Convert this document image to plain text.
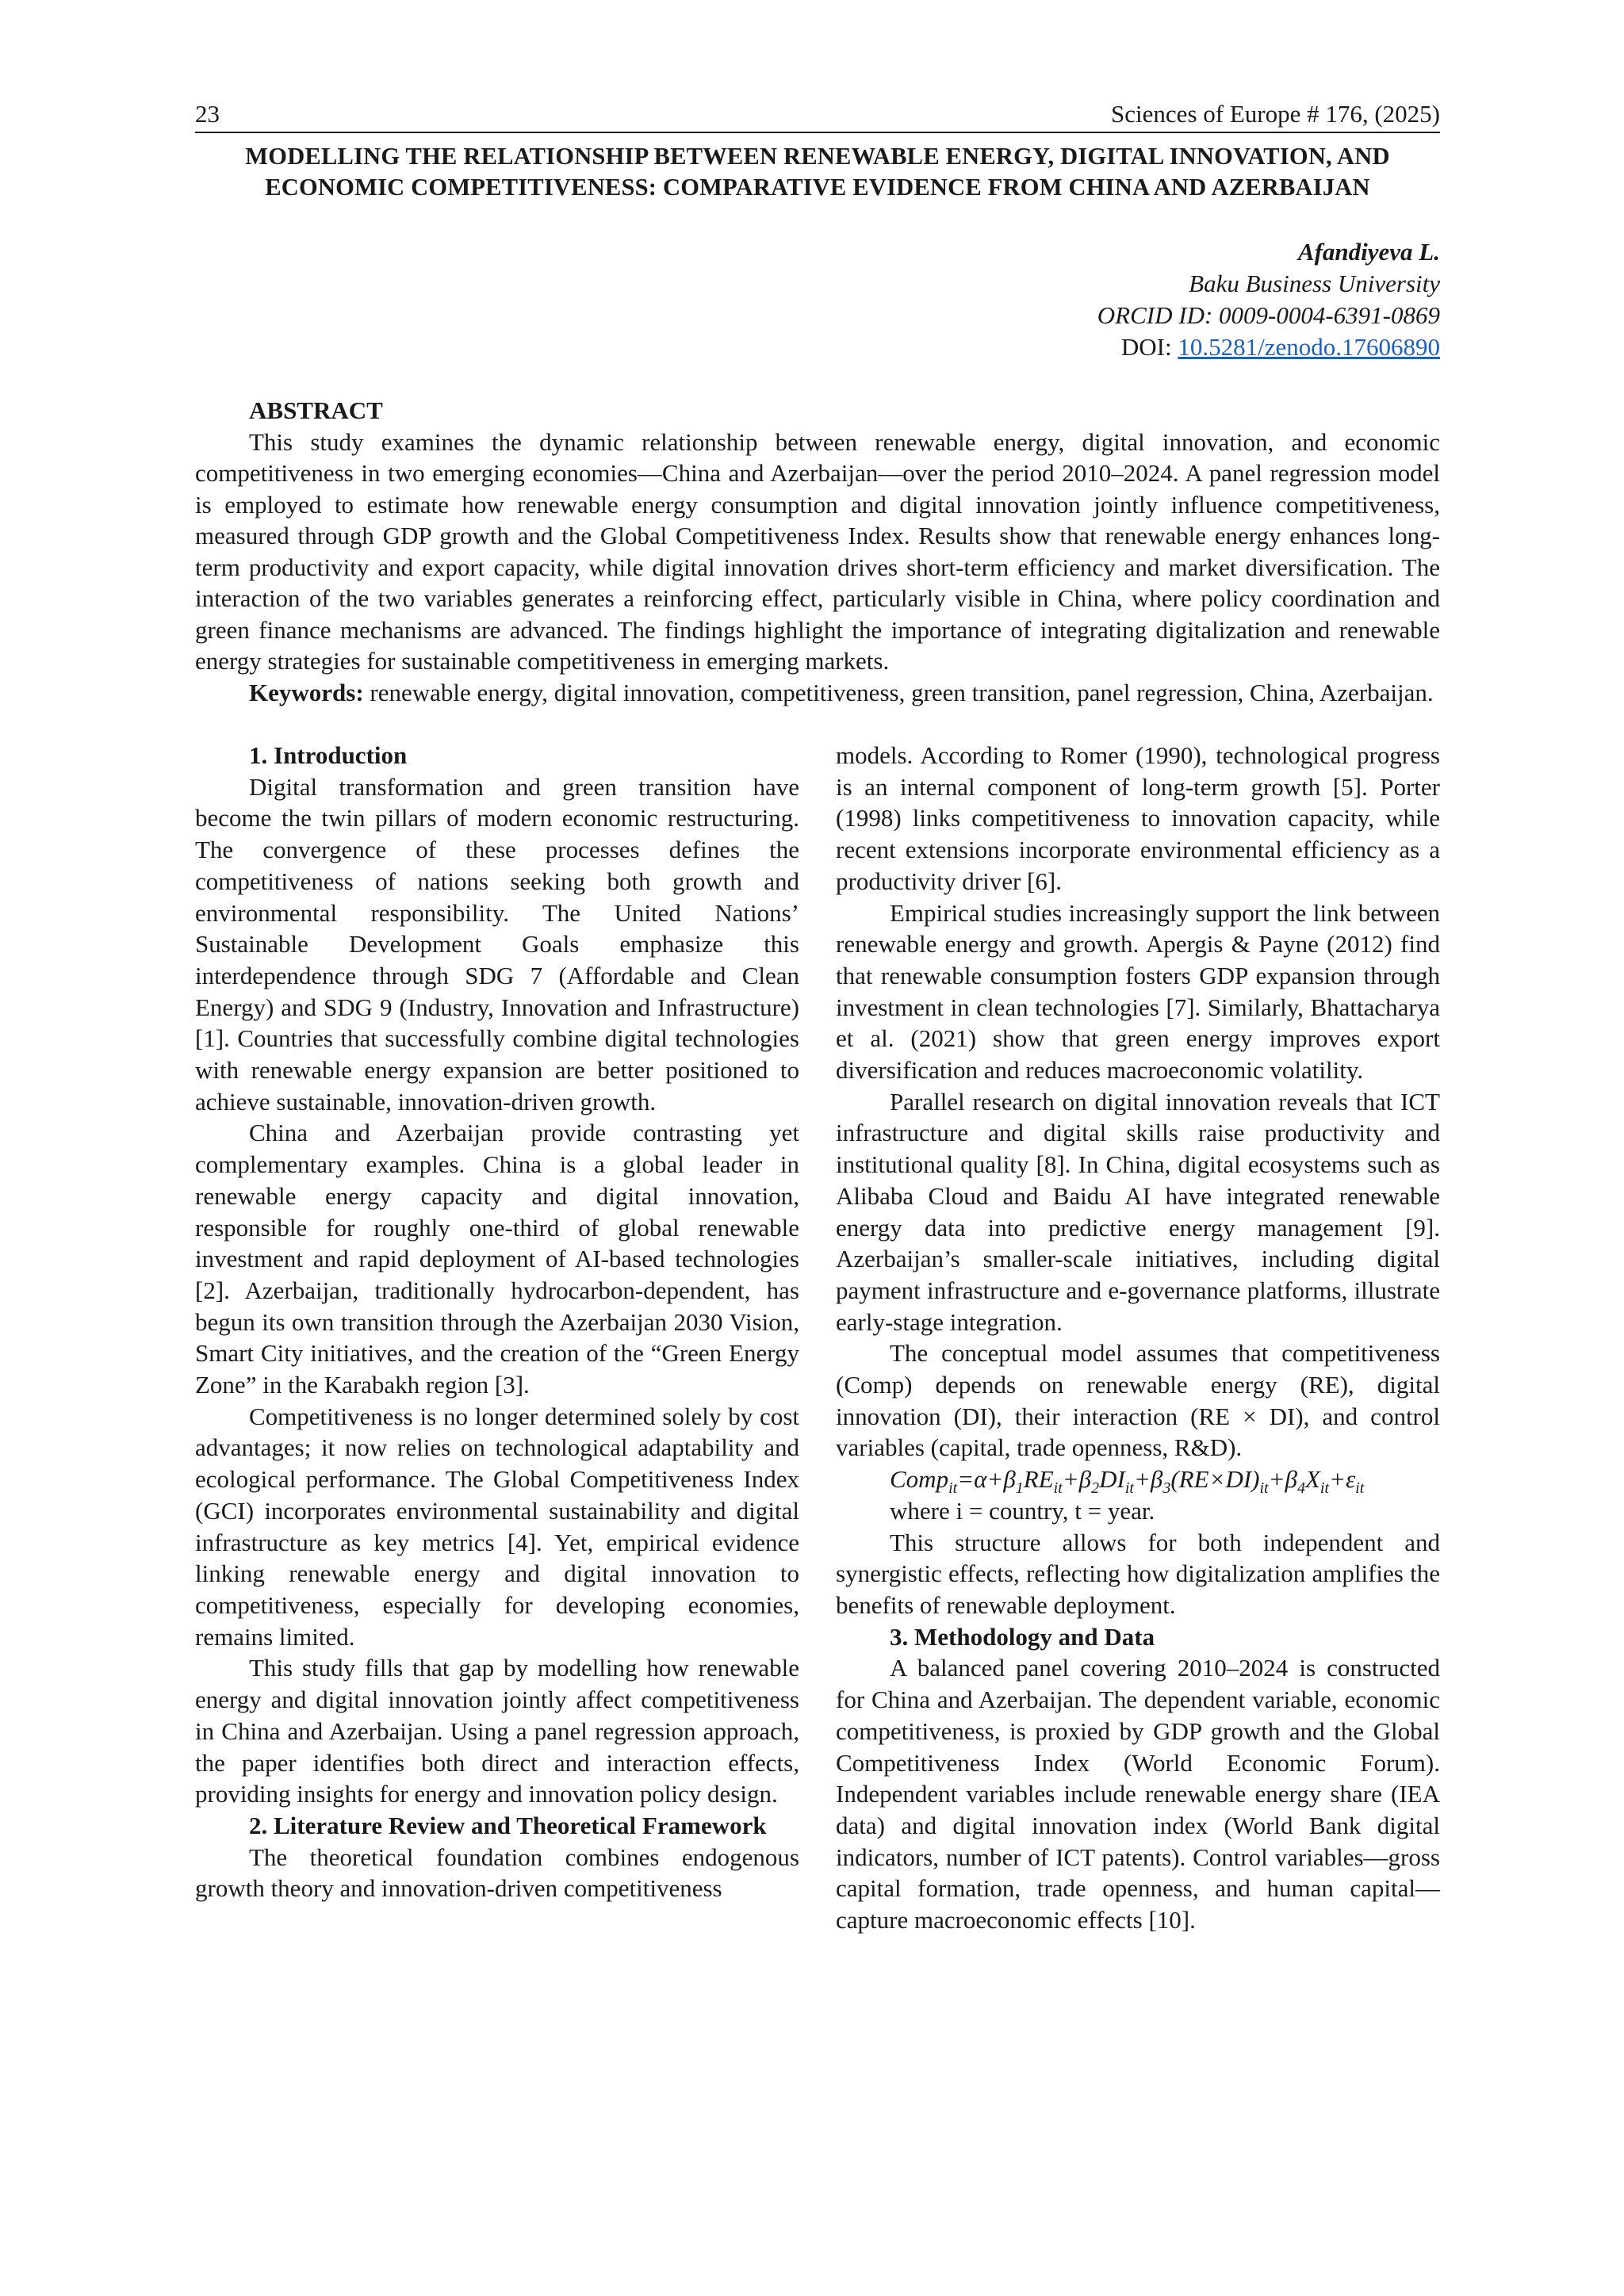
23	Sciences of Europe # 176, (2025)
MODELLING THE RELATIONSHIP BETWEEN RENEWABLE ENERGY, DIGITAL INNOVATION, AND ECONOMIC COMPETITIVENESS: COMPARATIVE EVIDENCE FROM CHINA AND AZERBAIJAN
Afandiyeva L.
Baku Business University
ORCID ID: 0009-0004-6391-0869
DOI: 10.5281/zenodo.17606890
ABSTRACT

This study examines the dynamic relationship between renewable energy, digital innovation, and economic competitiveness in two emerging economies—China and Azerbaijan—over the period 2010–2024. A panel regression model is employed to estimate how renewable energy consumption and digital innovation jointly influence competitiveness, measured through GDP growth and the Global Competitiveness Index. Results show that renewable energy enhances long-term productivity and export capacity, while digital innovation drives short-term efficiency and market diversification. The interaction of the two variables generates a reinforcing effect, particularly visible in China, where policy coordination and green finance mechanisms are advanced. The findings highlight the importance of integrating digitalization and renewable energy strategies for sustainable competitiveness in emerging markets.

Keywords: renewable energy, digital innovation, competitiveness, green transition, panel regression, China, Azerbaijan.

1. Introduction

Digital transformation and green transition have become the twin pillars of modern economic restructuring. The convergence of these processes defines the competitiveness of nations seeking both growth and environmental responsibility. The United Nations’ Sustainable Development Goals emphasize this interdependence through SDG 7 (Affordable and Clean Energy) and SDG 9 (Industry, Innovation and Infrastructure) [1]. Countries that successfully combine digital technologies with renewable energy expansion are better positioned to achieve sustainable, innovation-driven growth.

China and Azerbaijan provide contrasting yet complementary examples. China is a global leader in renewable energy capacity and digital innovation, responsible for roughly one-third of global renewable investment and rapid deployment of AI-based technologies [2]. Azerbaijan, traditionally hydrocarbon-dependent, has begun its own transition through the Azerbaijan 2030 Vision, Smart City initiatives, and the creation of the “Green Energy Zone” in the Karabakh region [3].

Competitiveness is no longer determined solely by cost advantages; it now relies on technological adaptability and ecological performance. The Global Competitiveness Index (GCI) incorporates environmental sustainability and digital infrastructure as key metrics [4]. Yet, empirical evidence linking renewable energy and digital innovation to competitiveness, especially for developing economies, remains limited.

This study fills that gap by modelling how renewable energy and digital innovation jointly affect competitiveness in China and Azerbaijan. Using a panel regression approach, the paper identifies both direct and interaction effects, providing insights for energy and innovation policy design.

2. Literature Review and Theoretical Framework

The theoretical foundation combines endogenous growth theory and innovation-driven competitiveness

models. According to Romer (1990), technological progress is an internal component of long-term growth [5]. Porter (1998) links competitiveness to innovation capacity, while recent extensions incorporate environmental efficiency as a productivity driver [6].

Empirical studies increasingly support the link between renewable energy and growth. Apergis & Payne (2012) find that renewable consumption fosters GDP expansion through investment in clean technologies [7]. Similarly, Bhattacharya et al. (2021) show that green energy improves export diversification and reduces macroeconomic volatility.

Parallel research on digital innovation reveals that ICT infrastructure and digital skills raise productivity and institutional quality [8]. In China, digital ecosystems such as Alibaba Cloud and Baidu AI have integrated renewable energy data into predictive energy management [9]. Azerbaijan’s smaller-scale initiatives, including digital payment infrastructure and e-governance platforms, illustrate early-stage integration.

The conceptual model assumes that competitiveness (Comp) depends on renewable energy (RE), digital innovation (DI), their interaction (RE × DI), and control variables (capital, trade openness, R&D).

$Comp_{it}=\alpha+\beta_1RE_{it}+\beta_2DI_{it}+\beta_3(RE\times DI)_{it}+\beta_4X_{it}+\varepsilon_{it}$
where i = country, t = year.

This structure allows for both independent and synergistic effects, reflecting how digitalization amplifies the benefits of renewable deployment.

3. Methodology and Data

A balanced panel covering 2010–2024 is constructed for China and Azerbaijan. The dependent variable, economic competitiveness, is proxied by GDP growth and the Global Competitiveness Index (World Economic Forum). Independent variables include renewable energy share (IEA data) and digital innovation index (World Bank digital indicators, number of ICT patents). Control variables—gross capital formation, trade openness, and human capital—capture macroeconomic effects [10].
